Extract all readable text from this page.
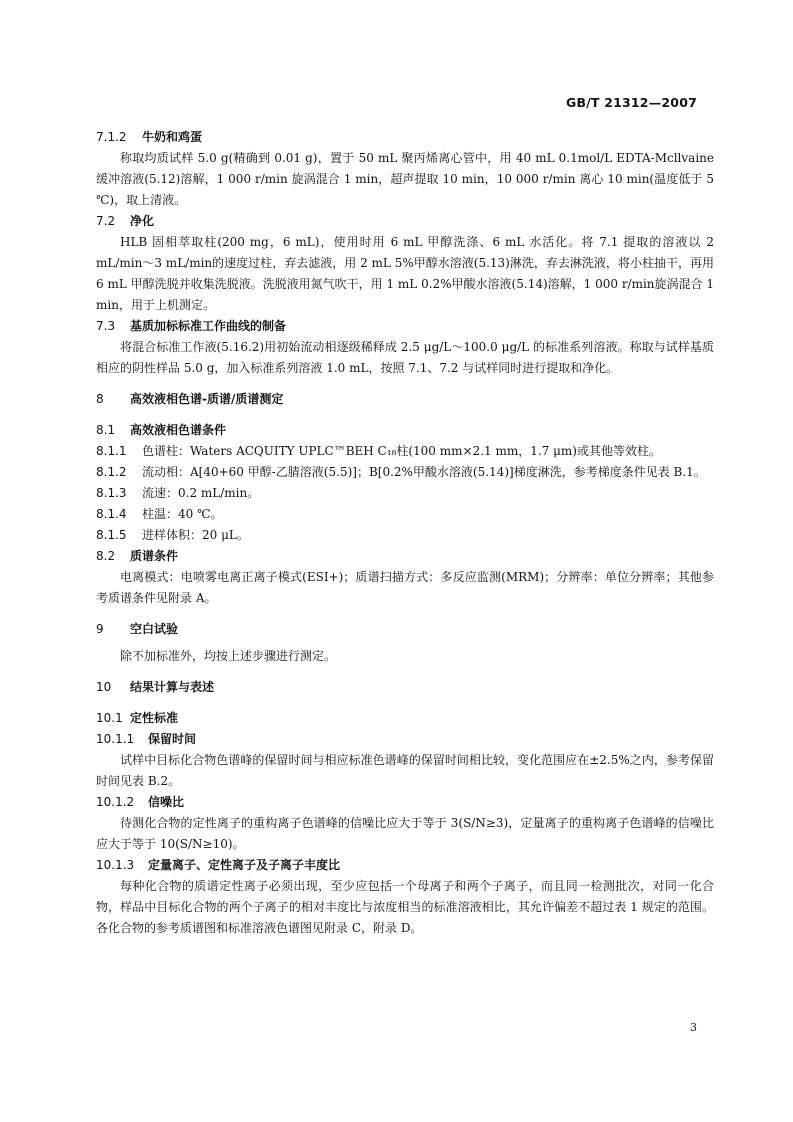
GB/T 21312—2007
7.1.2 牛奶和鸡蛋
称取均质试样 5.0 g(精确到 0.01 g)，置于 50 mL 聚丙烯离心管中，用 40 mL 0.1mol/L EDTA-Mcllvaine 缓冲溶液(5.12)溶解，1 000 r/min 旋涡混合 1 min，超声提取 10 min，10 000 r/min 离心 10 min(温度低于 5 ℃)，取上清液。
7.2 净化
HLB 固相萃取柱(200 mg，6 mL)，使用时用 6 mL 甲醇洗涤、6 mL 水活化。将 7.1 提取的溶液以 2 mL/min～3 mL/min的速度过柱，弃去滤液，用 2 mL 5%甲醇水溶液(5.13)淋洗，弃去淋洗液，将小柱抽干，再用 6 mL 甲醇洗脱并收集洗脱液。洗脱液用氮气吹干，用 1 mL 0.2%甲酸水溶液(5.14)溶解，1 000 r/min旋涡混合 1 min，用于上机测定。
7.3 基质加标标准工作曲线的制备
将混合标准工作液(5.16.2)用初始流动相逐级稀释成 2.5 μg/L～100.0 μg/L 的标准系列溶液。称取与试样基质相应的阴性样品 5.0 g，加入标准系列溶液 1.0 mL，按照 7.1、7.2 与试样同时进行提取和净化。
8 高效液相色谱-质谱/质谱测定
8.1 高效液相色谱条件
8.1.1 色谱柱：Waters ACQUITY UPLC™BEH C₁₈柱(100 mm×2.1 mm，1.7 μm)或其他等效柱。
8.1.2 流动相：A[40+60 甲醇-乙腈溶液(5.5)]；B[0.2%甲酸水溶液(5.14)]梯度淋洗，参考梯度条件见表 B.1。
8.1.3 流速：0.2 mL/min。
8.1.4 柱温：40 ℃。
8.1.5 进样体积：20 μL。
8.2 质谱条件
电离模式：电喷雾电离正离子模式(ESI+)；质谱扫描方式：多反应监测(MRM)；分辨率：单位分辨率；其他参考质谱条件见附录 A。
9 空白试验
除不加标准外，均按上述步骤进行测定。
10 结果计算与表述
10.1 定性标准
10.1.1 保留时间
试样中目标化合物色谱峰的保留时间与相应标准色谱峰的保留时间相比较，变化范围应在±2.5%之内，参考保留时间见表 B.2。
10.1.2 信噪比
待测化合物的定性离子的重构离子色谱峰的信噪比应大于等于 3(S/N≥3)，定量离子的重构离子色谱峰的信噪比应大于等于 10(S/N≥10)。
10.1.3 定量离子、定性离子及子离子丰度比
每种化合物的质谱定性离子必须出现，至少应包括一个母离子和两个子离子，而且同一检测批次，对同一化合物，样品中目标化合物的两个子离子的相对丰度比与浓度相当的标准溶液相比，其允许偏差不超过表 1 规定的范围。各化合物的参考质谱图和标准溶液色谱图见附录 C，附录 D。
3
